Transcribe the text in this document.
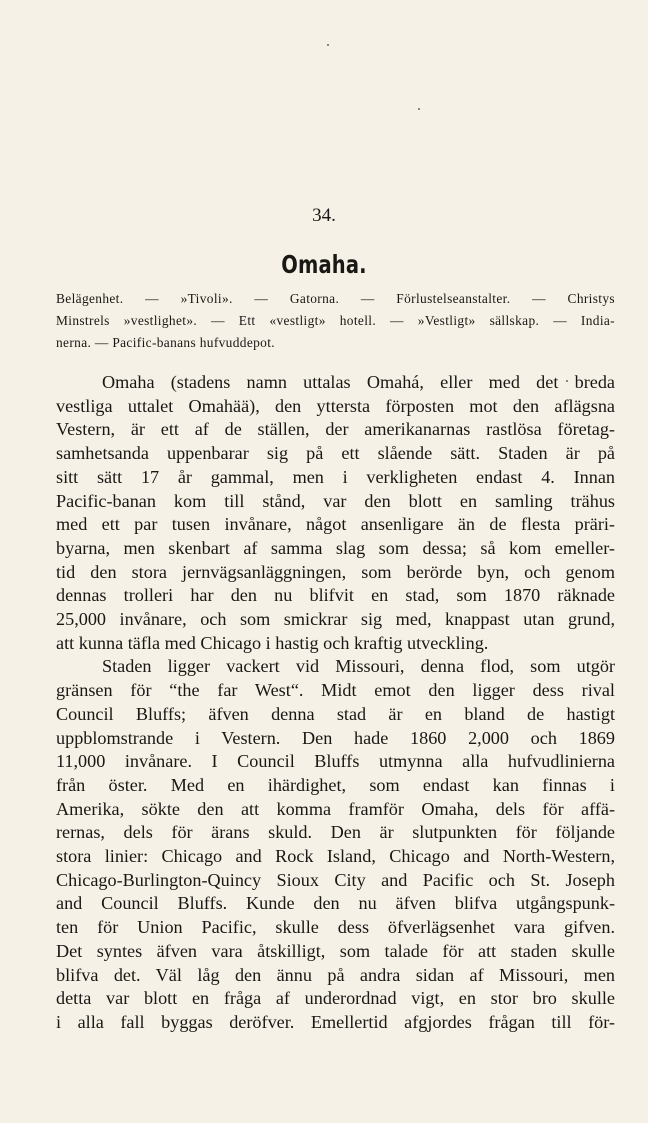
34.
Omaha.
Belägenhet. — »Tivoli». — Gatorna. — Förlustelseanstalter. — Christys
Minstrels »vestlighet». — Ett «vestligt» hotell. — »Vestligt» sällskap. — India-
nerna. — Pacific-banans hufvuddepot.
Omaha (stadens namn uttalas Omahá, eller med det breda
vestliga uttalet Omahää), den yttersta förposten mot den aflägsna
Vestern, är ett af de ställen, der amerikanarnas rastlösa företag-
samhetsanda uppenbarar sig på ett slående sätt. Staden är på
sitt sätt 17 år gammal, men i verkligheten endast 4. Innan
Pacific-banan kom till stånd, var den blott en samling trähus
med ett par tusen invånare, något ansenligare än de flesta präri-
byarna, men skenbart af samma slag som dessa; så kom emeller-
tid den stora jernvägsanläggningen, som berörde byn, och genom
dennas trolleri har den nu blifvit en stad, som 1870 räknade
25,000 invånare, och som smickrar sig med, knappast utan grund,
att kunna täfla med Chicago i hastig och kraftig utveckling.
Staden ligger vackert vid Missouri, denna flod, som utgör
gränsen för “the far West“. Midt emot den ligger dess rival
Council Bluffs; äfven denna stad är en bland de hastigt
uppblomstrande i Vestern. Den hade 1860 2,000 och 1869
11,000 invånare. I Council Bluffs utmynna alla hufvudlinierna
från öster. Med en ihärdighet, som endast kan finnas i
Amerika, sökte den att komma framför Omaha, dels för affä-
rernas, dels för ärans skuld. Den är slutpunkten för följande
stora linier: Chicago and Rock Island, Chicago and North-Western,
Chicago-Burlington-Quincy Sioux City and Pacific och St. Joseph
and Council Bluffs. Kunde den nu äfven blifva utgångspunk-
ten för Union Pacific, skulle dess öfverlägsenhet vara gifven.
Det syntes äfven vara åtskilligt, som talade för att staden skulle
blifva det. Väl låg den ännu på andra sidan af Missouri, men
detta var blott en fråga af underordnad vigt, en stor bro skulle
i alla fall byggas deröfver. Emellertid afgjordes frågan till för-
